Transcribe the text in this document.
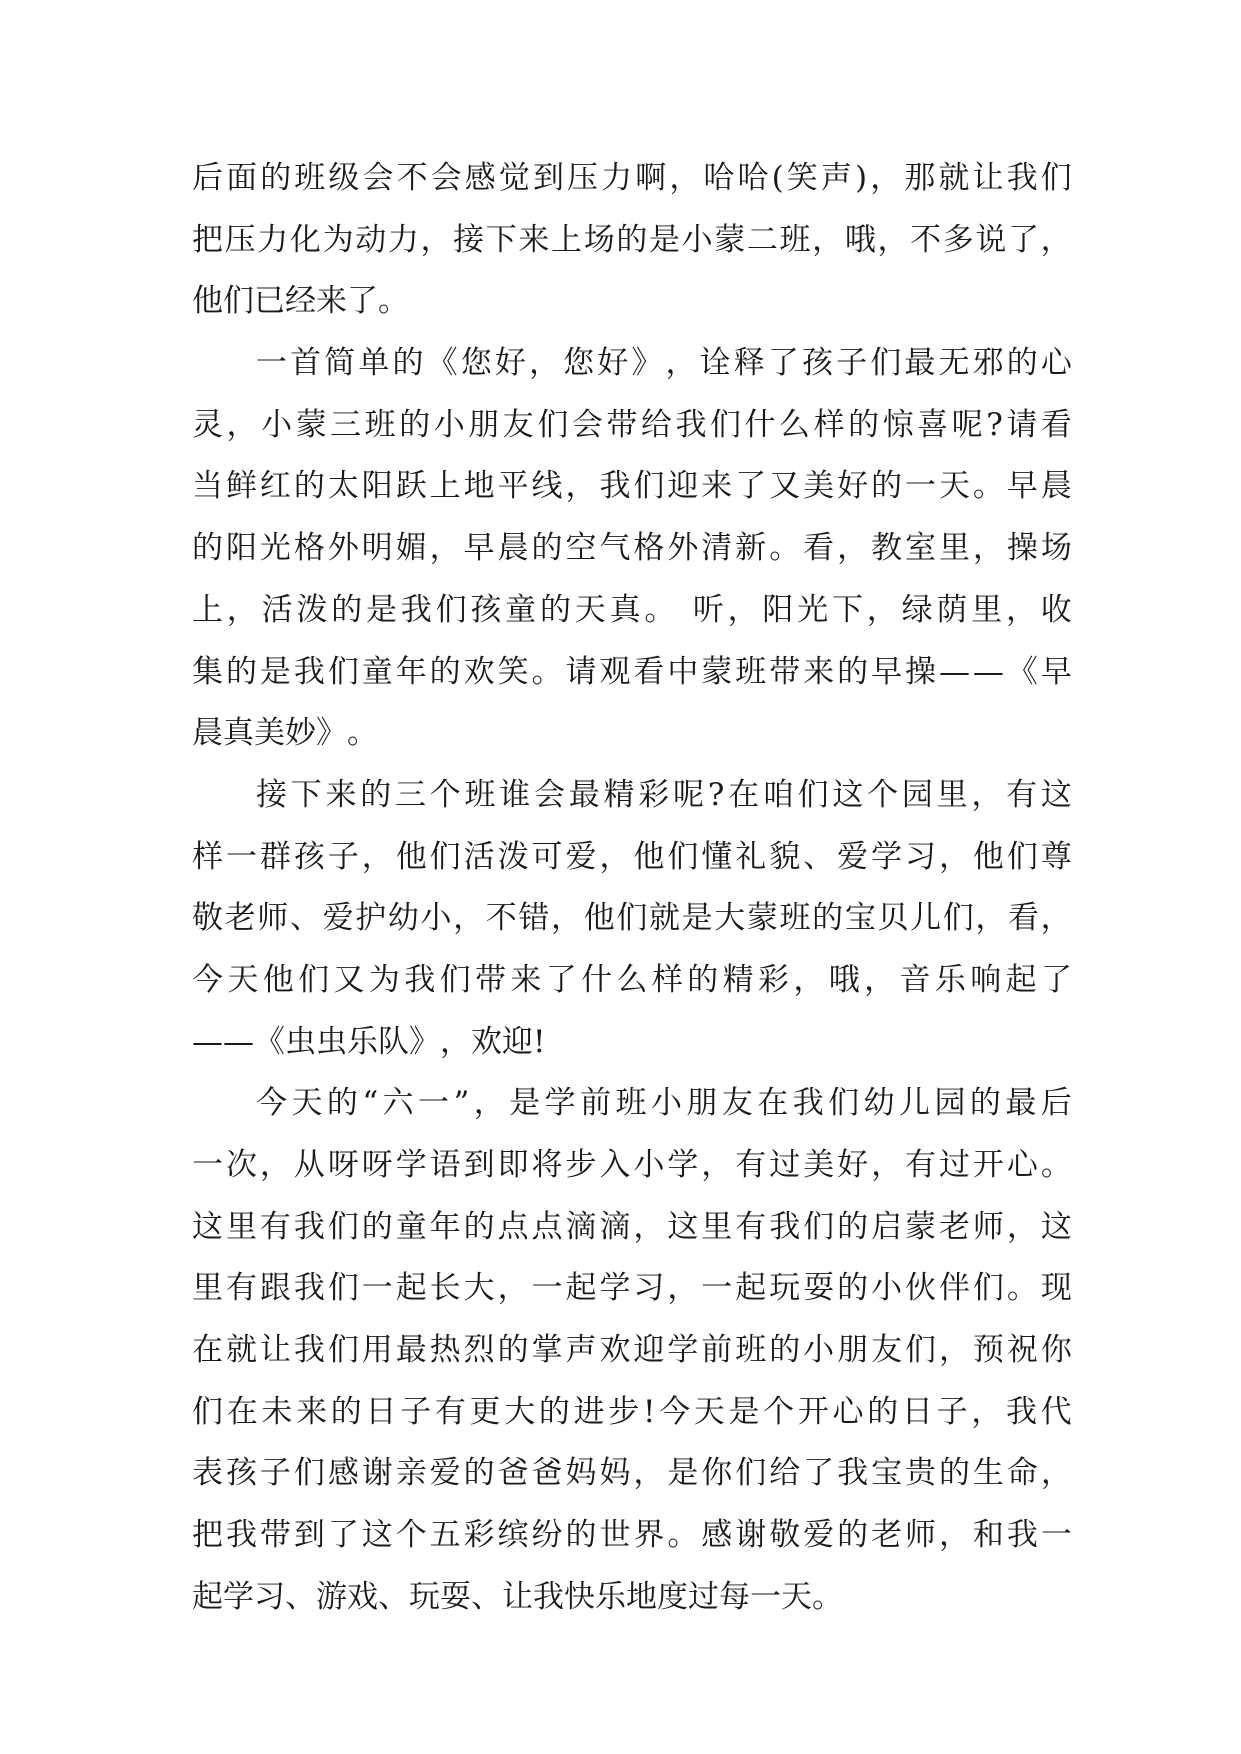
后 面 的 班 级 会 不 会 感 觉 到 压 力 啊 ， 哈 哈 ( 笑 声 ) ， 那 就 让 我 们
把 压 力 化 为 动 力 ， 接 下 来 上 场 的 是 小 蒙 二 班 ， 哦 ， 不 多 说 了 ，
他 们 已 经 来 了 。
一 首 简 单 的 《 您 好 ， 您 好 》 ， 诠 释 了 孩 子 们 最 无 邪 的 心
灵 ， 小 蒙 三 班 的 小 朋 友 们 会 带 给 我 们 什 么 样 的 惊 喜 呢 ? 请 看
当 鲜 红 的 太 阳 跃 上 地 平 线 ， 我 们 迎 来 了 又 美 好 的 一 天 。 早 晨
的 阳 光 格 外 明 媚 ， 早 晨 的 空 气 格 外 清 新 。 看 ， 教 室 里 ， 操 场
上 ， 活 泼 的 是 我 们 孩 童 的 天 真 。
听 ， 阳 光 下 ， 绿 荫 里 ， 收
集 的 是 我 们 童 年 的 欢 笑 。 请 观 看 中 蒙 班 带 来 的 早 操 — — 《 早
晨 真 美 妙 》 。
接 下 来 的 三 个 班 谁 会 最 精 彩 呢 ? 在 咱 们 这 个 园 里 ， 有 这
样 一 群 孩 子 ， 他 们 活 泼 可 爱 ， 他 们 懂 礼 貌 、 爱 学 习 ， 他 们 尊
敬 老 师 、 爱 护 幼 小 ， 不 错 ， 他 们 就 是 大 蒙 班 的 宝 贝 儿 们 ， 看 ，
今 天 他 们 又 为 我 们 带 来 了 什 么 样 的 精 彩 ， 哦 ， 音 乐 响 起 了
— — 《 虫 虫 乐 队 》 ， 欢 迎 !
今 天 的 “ 六 一 ” ， 是 学 前 班 小 朋 友 在 我 们 幼 儿 园 的 最 后
一 次 ， 从 呀 呀 学 语 到 即 将 步 入 小 学 ， 有 过 美 好 ， 有 过 开 心 。
这 里 有 我 们 的 童 年 的 点 点 滴 滴 ， 这 里 有 我 们 的 启 蒙 老 师 ， 这
里 有 跟 我 们 一 起 长 大 ， 一 起 学 习 ， 一 起 玩 耍 的 小 伙 伴 们 。 现
在 就 让 我 们 用 最 热 烈 的 掌 声 欢 迎 学 前 班 的 小 朋 友 们 ， 预 祝 你
们 在 未 来 的 日 子 有 更 大 的 进 步 ! 今 天 是 个 开 心 的 日 子 ， 我 代
表 孩 子 们 感 谢 亲 爱 的 爸 爸 妈 妈 ， 是 你 们 给 了 我 宝 贵 的 生 命 ，
把 我 带 到 了 这 个 五 彩 缤 纷 的 世 界 。 感 谢 敬 爱 的 老 师 ， 和 我 一
起 学 习 、 游 戏 、 玩 耍 、 让 我 快 乐 地 度 过 每 一 天 。
